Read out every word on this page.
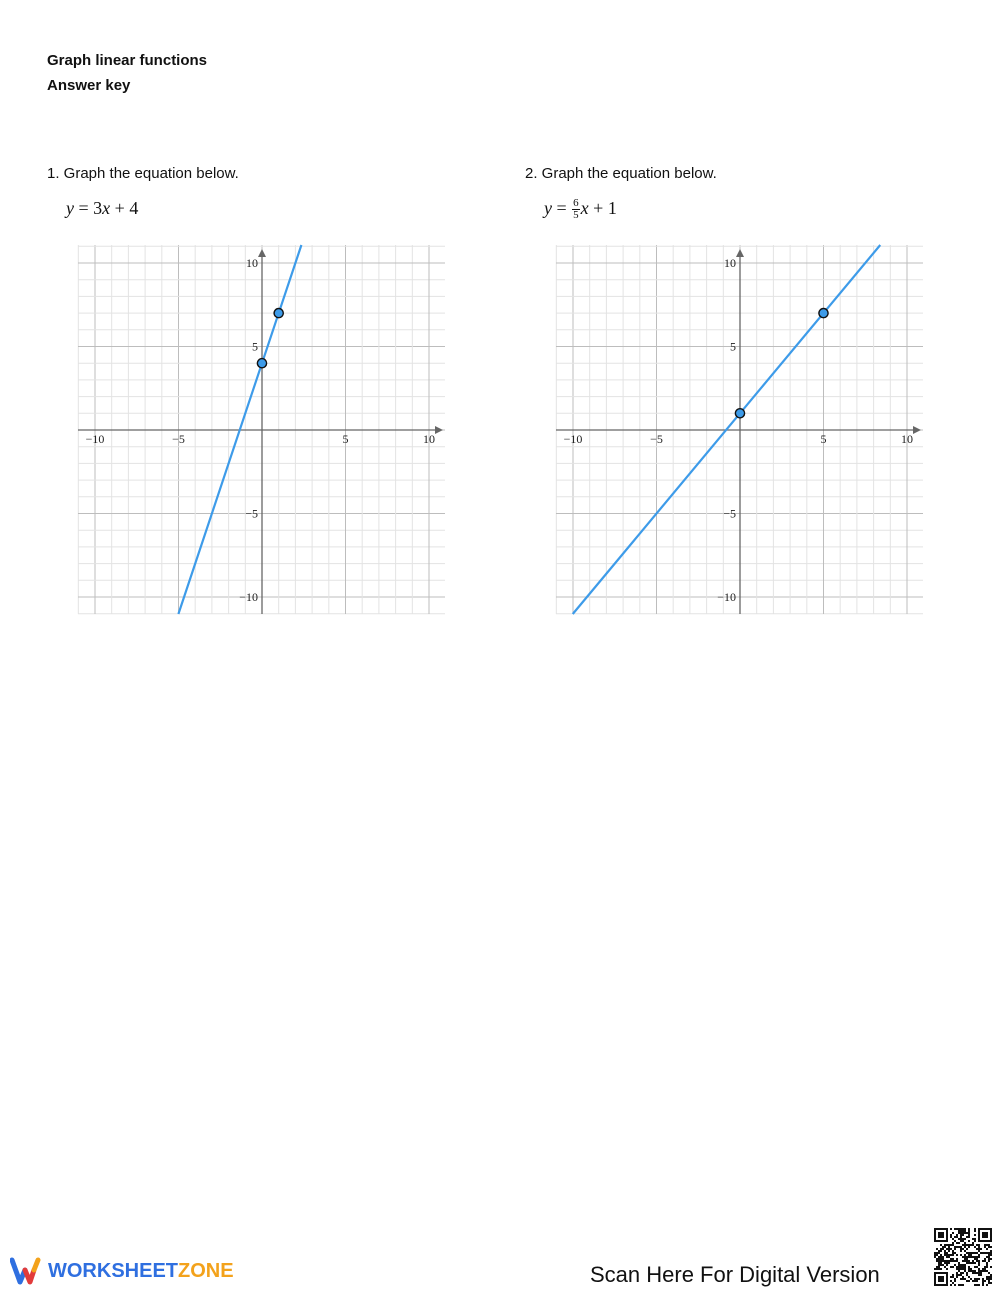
Graph linear functions
Answer key
1. Graph the equation below.
y = 3x + 4
−10	−5	5	10
10
5
−5
−10
2. Graph the equation below.
$y = \frac{6}{5}$ x + 1
−10	−5	5	10
10
5
−5
−10
WORKSHEETZONE	Scan Here For Digital Version
